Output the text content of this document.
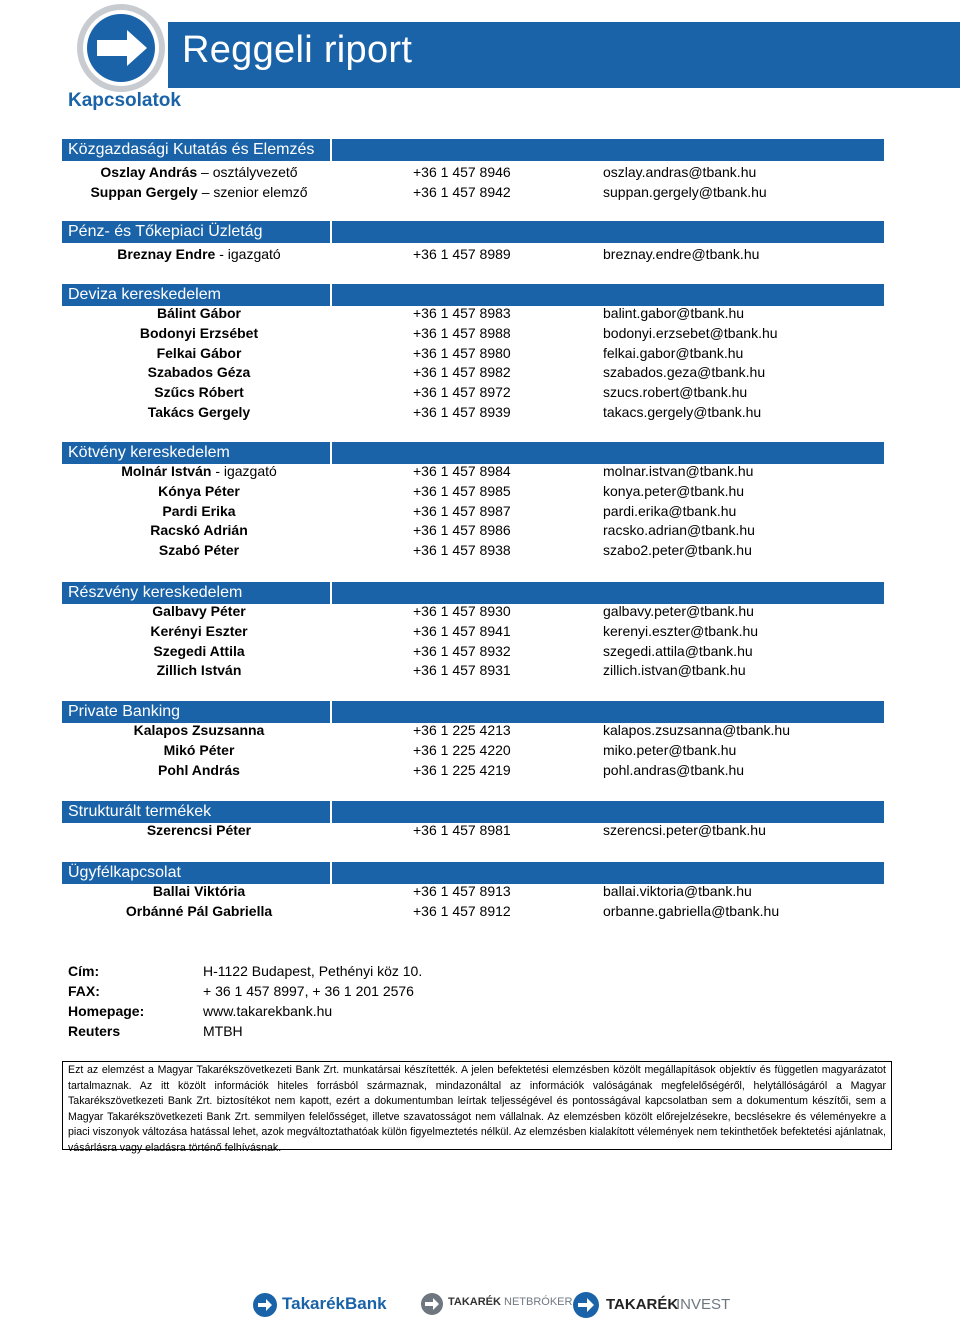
Reggeli riport
Kapcsolatok
Közgazdasági Kutatás és Elemzés
Oszlay András – osztályvezető	+36 1 457 8946	oszlay.andras@tbank.hu
Suppan Gergely – szenior elemző	+36 1 457 8942	suppan.gergely@tbank.hu
Pénz- és Tőkepiaci Üzletág
Breznay Endre - igazgató	+36 1 457 8989	breznay.endre@tbank.hu
Deviza kereskedelem
Bálint Gábor	+36 1 457 8983	balint.gabor@tbank.hu
Bodonyi Erzsébet	+36 1 457 8988	bodonyi.erzsebet@tbank.hu
Felkai Gábor	+36 1 457 8980	felkai.gabor@tbank.hu
Szabados Géza	+36 1 457 8982	szabados.geza@tbank.hu
Szűcs Róbert	+36 1 457 8972	szucs.robert@tbank.hu
Takács Gergely	+36 1 457 8939	takacs.gergely@tbank.hu
Kötvény kereskedelem
Molnár István - igazgató	+36 1 457 8984	molnar.istvan@tbank.hu
Kónya Péter	+36 1 457 8985	konya.peter@tbank.hu
Pardi Erika	+36 1 457 8987	pardi.erika@tbank.hu
Racskó Adrián	+36 1 457 8986	racsko.adrian@tbank.hu
Szabó Péter	+36 1 457 8938	szabo2.peter@tbank.hu
Részvény kereskedelem
Galbavy Péter	+36 1 457 8930	galbavy.peter@tbank.hu
Kerényi Eszter	+36 1 457 8941	kerenyi.eszter@tbank.hu
Szegedi Attila	+36 1 457 8932	szegedi.attila@tbank.hu
Zillich István	+36 1 457 8931	zillich.istvan@tbank.hu
Private Banking
Kalapos Zsuzsanna	+36 1 225 4213	kalapos.zsuzsanna@tbank.hu
Mikó Péter	+36 1 225 4220	miko.peter@tbank.hu
Pohl András	+36 1 225 4219	pohl.andras@tbank.hu
Strukturált termékek
Szerencsi Péter	+36 1 457 8981	szerencsi.peter@tbank.hu
Ügyfélkapcsolat
Ballai Viktória	+36 1 457 8913	ballai.viktoria@tbank.hu
Orbánné Pál Gabriella	+36 1 457 8912	orbanne.gabriella@tbank.hu
Cím:	H-1122 Budapest, Pethényi köz 10.
FAX:	+ 36 1 457 8997, + 36 1 201 2576
Homepage:	www.takarekbank.hu
Reuters	MTBH
Ezt az elemzést a Magyar Takarékszövetkezeti Bank Zrt. munkatársai készítették. A jelen befektetési elemzésben közölt megállapítások objektív és független magyarázatot tartalmaznak. Az itt közölt információk hiteles forrásból származnak, mindazonáltal az információk valóságának megfelelőségéről, helytállóságáról a Magyar Takarékszövetkezeti Bank Zrt. biztosítékot nem kapott, ezért a dokumentumban leírtak teljességével és pontosságával kapcsolatban sem a dokumentum készítői, sem a Magyar Takarékszövetkezeti Bank Zrt. semmilyen felelősséget, illetve szavatosságot nem vállalnak. Az elemzésben közölt előrejelzésekre, becslésekre és véleményekre a piaci viszonyok változása hatással lehet, azok megváltoztathatóak külön figyelmeztetés nélkül. Az elemzésben kialakított vélemények nem tekinthetőek befektetési ajánlatnak, vásárlásra vagy eladásra történő felhívásnak.
TakarékBank	TAKARÉK NETBRÓKER TAKARÉK
INVEST
